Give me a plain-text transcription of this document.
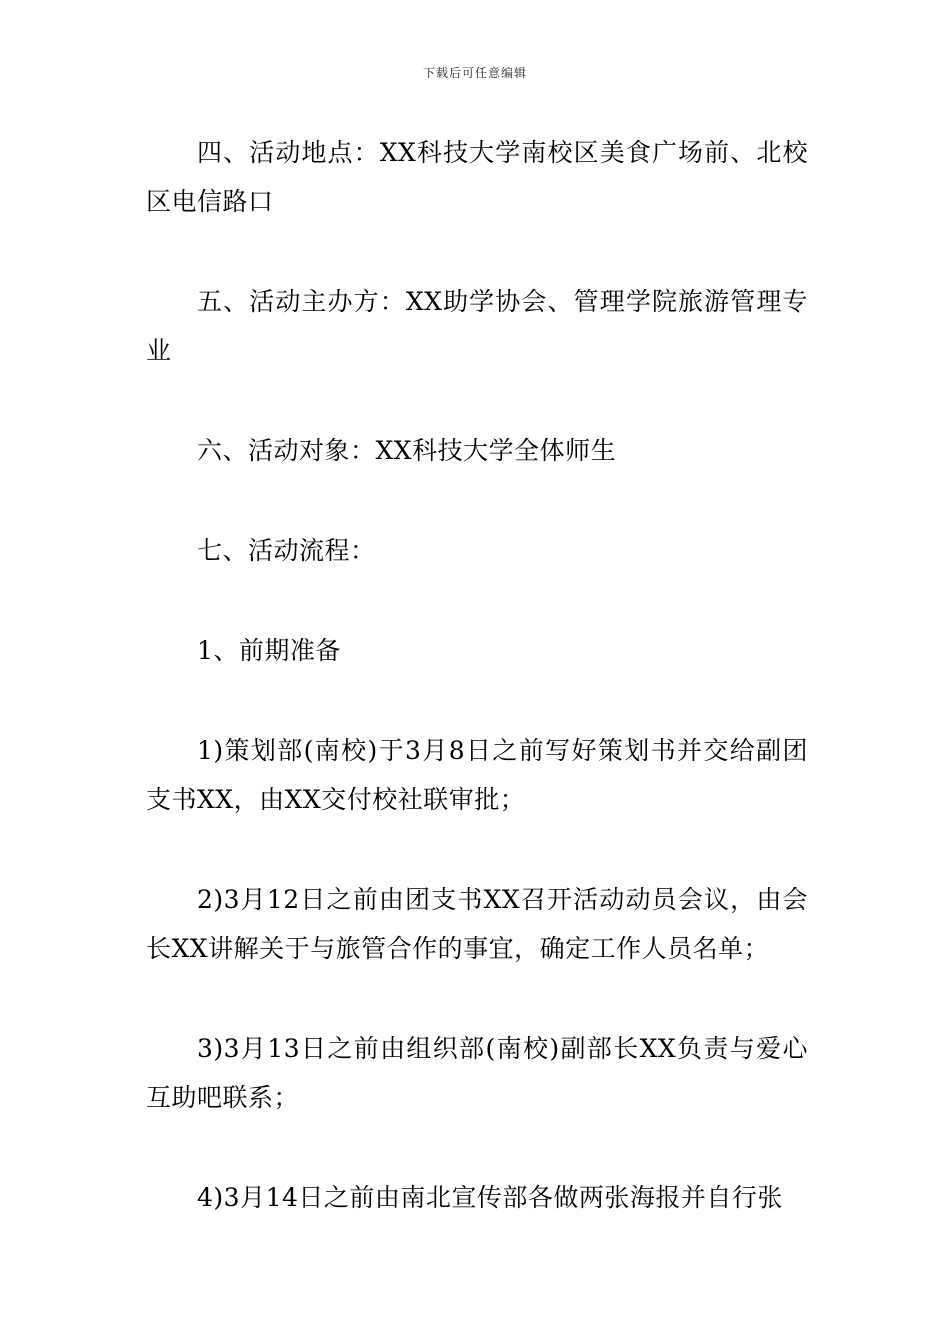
下载后可任意编辑

四、活动地点：XX科技大学南校区美食广场前、北校区电信路口

五、活动主办方：XX助学协会、管理学院旅游管理专业

六、活动对象：XX科技大学全体师生

七、活动流程：

1、前期准备

1)策划部(南校)于3月8日之前写好策划书并交给副团支书XX，由XX交付校社联审批；

2)3月12日之前由团支书XX召开活动动员会议，由会长XX讲解关于与旅管合作的事宜，确定工作人员名单；

3)3月13日之前由组织部(南校)副部长XX负责与爱心互助吧联系；

4)3月14日之前由南北宣传部各做两张海报并自行张
